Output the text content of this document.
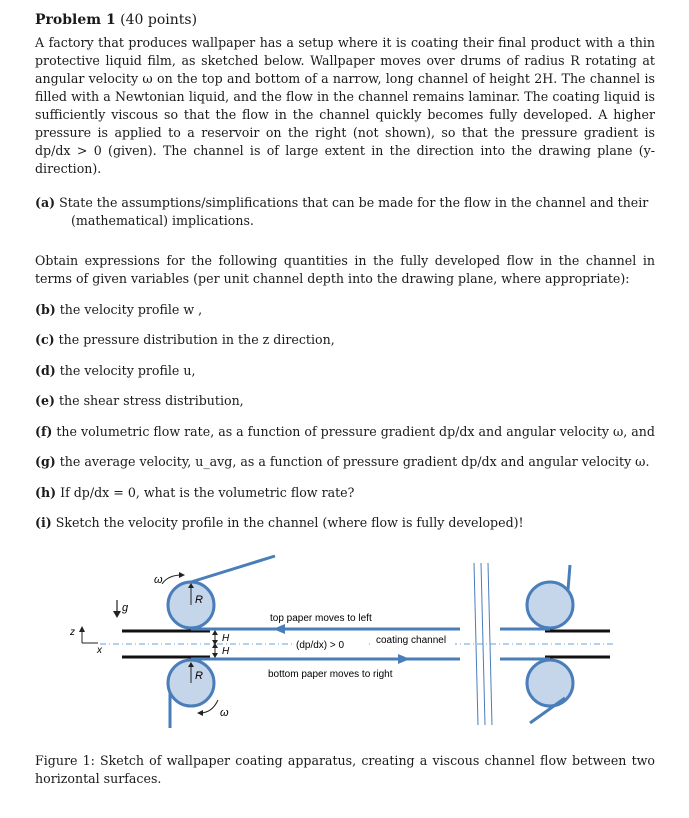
Problem 1 (40 points)

A factory that produces wallpaper has a setup where it is coating their final product with a thin protective liquid film, as sketched below. Wallpaper moves over drums of radius R rotating at angular velocity ω on the top and bottom of a narrow, long channel of height 2H. The channel is filled with a Newtonian liquid, and the flow in the channel remains laminar. The coating liquid is sufficiently viscous so that the flow in the channel quickly becomes fully developed. A higher pressure is applied to a reservoir on the right (not shown), so that the pressure gradient is dp/dx > 0 (given). The channel is of large extent in the direction into the drawing plane (y-direction).

(a) State the assumptions/simplifications that can be made for the flow in the channel and their (mathematical) implications.

Obtain expressions for the following quantities in the fully developed flow in the channel in terms of given variables (per unit channel depth into the drawing plane, where appropriate):

(b) the velocity profile w ,
(c) the pressure distribution in the z direction,
(d) the velocity profile u,
(e) the shear stress distribution,
(f) the volumetric flow rate, as a function of pressure gradient dp/dx and angular velocity ω, and
(g) the average velocity, u_avg, as a function of pressure gradient dp/dx and angular velocity ω.
(h) If dp/dx = 0, what is the volumetric flow rate?
(i) Sketch the velocity profile in the channel (where flow is fully developed)!
g
z
x
R
R
ω
ω
H
H
top paper moves to left
(dp/dx) > 0	coating channel
bottom paper moves to right
Figure 1: Sketch of wallpaper coating apparatus, creating a viscous channel flow between two horizontal surfaces.
